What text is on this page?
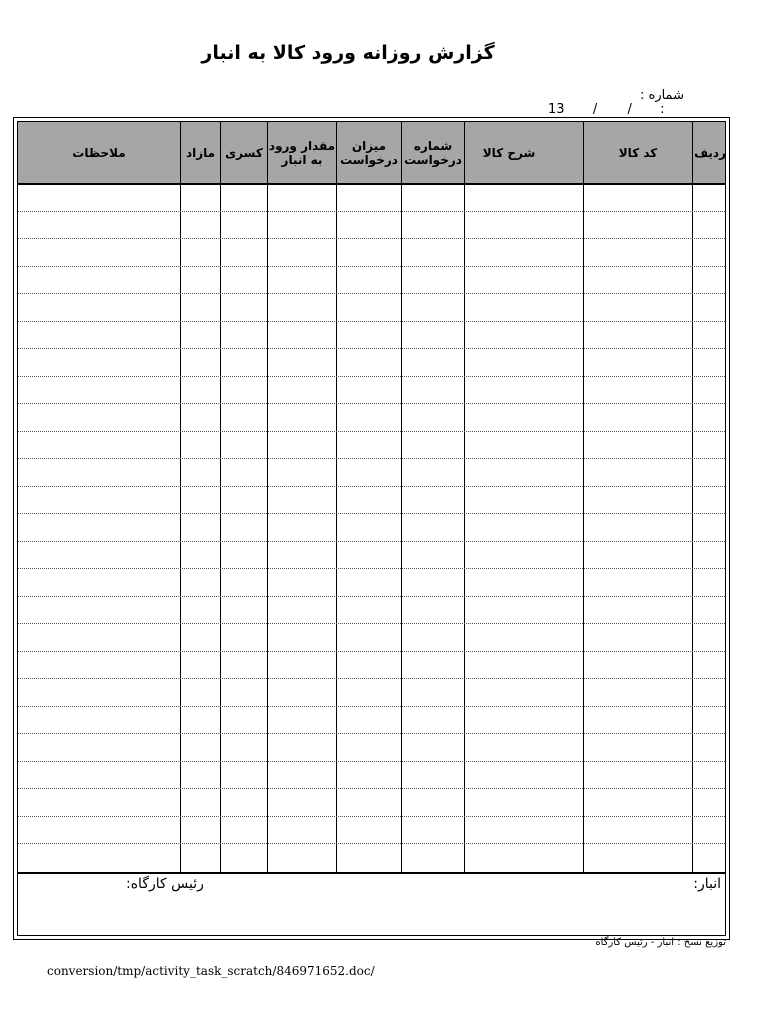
گزارش روزانه ورود کالا به انبار
شماره :
13 / / :
ردیف
کد کالا
شرح کالا
شماره درخواست
میزان درخواست
مقدار ورود به انبار
کسری
مازاد
ملاحظات
انبار:
رئیس کارگاه:
توزیع نسخ : انبار - رئیس کارگاه
conversion/tmp/activity_task_scratch/846971652.doc/
